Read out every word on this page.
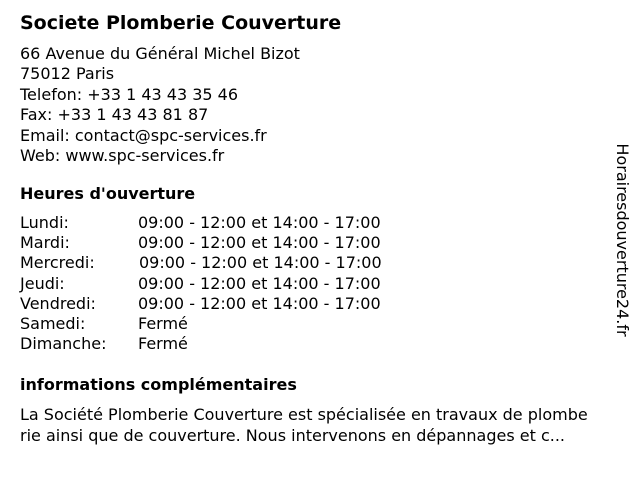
Societe Plomberie Couverture
66 Avenue du Général Michel Bizot
75012 Paris
Telefon: +33 1 43 43 35 46
Fax: +33 1 43 43 81 87
Email: contact@spc-services.fr
Web: www.spc-services.fr
Heures d'ouverture
Lundi:	09:00 - 12:00 et 14:00 - 17:00
Mardi:	09:00 - 12:00 et 14:00 - 17:00
Mercredi:	09:00 - 12:00 et 14:00 - 17:00
Jeudi:	09:00 - 12:00 et 14:00 - 17:00
Vendredi:	09:00 - 12:00 et 14:00 - 17:00
Samedi:	Fermé
Dimanche: Fermé
informations complémentaires
La Société Plomberie Couverture est spécialisée en travaux de plombe
rie ainsi que de couverture. Nous intervenons en dépannages et c...
Horairesdouverture24.fr
